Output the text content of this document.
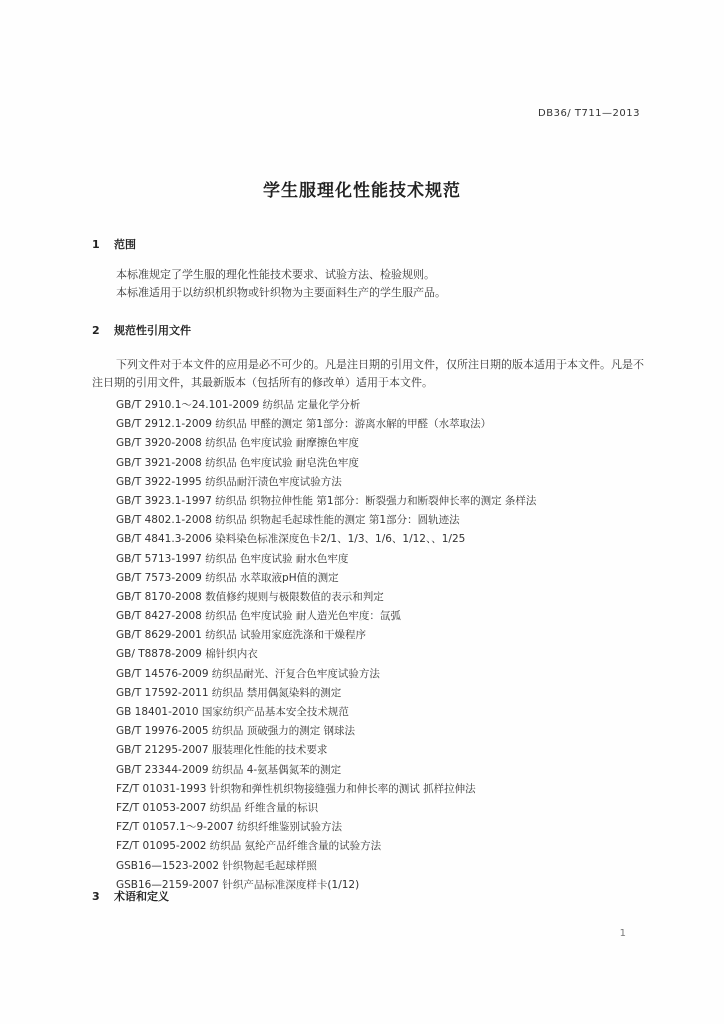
DB36/ T711—2013
学生服理化性能技术规范
1 范围

本标准规定了学生服的理化性能技术要求、试验方法、检验规则。

本标准适用于以纺织机织物或针织物为主要面料生产的学生服产品。

2 规范性引用文件

下列文件对于本文件的应用是必不可少的。凡是注日期的引用文件，仅所注日期的版本适用于本文件。凡是不注日期的引用文件，其最新版本（包括所有的修改单）适用于本文件。

GB/T 2910.1～24.101-2009 纺织品 定量化学分析
GB/T 2912.1-2009 纺织品 甲醛的测定 第1部分：游离水解的甲醛（水萃取法）
GB/T 3920-2008 纺织品 色牢度试验 耐摩擦色牢度
GB/T 3921-2008 纺织品 色牢度试验 耐皂洗色牢度
GB/T 3922-1995 纺织品耐汗渍色牢度试验方法
GB/T 3923.1-1997 纺织品 织物拉伸性能 第1部分：断裂强力和断裂伸长率的测定 条样法
GB/T 4802.1-2008 纺织品 织物起毛起球性能的测定 第1部分：圆轨迹法
GB/T 4841.3-2006 染料染色标准深度色卡2/1、1/3、1/6、1/12、、1/25
GB/T 5713-1997 纺织品 色牢度试验 耐水色牢度
GB/T 7573-2009 纺织品 水萃取液pH值的测定
GB/T 8170-2008 数值修约规则与极限数值的表示和判定
GB/T 8427-2008 纺织品 色牢度试验 耐人造光色牢度：氙弧
GB/T 8629-2001 纺织品 试验用家庭洗涤和干燥程序
GB/ T8878-2009 棉针织内衣
GB/T 14576-2009 纺织品耐光、汗复合色牢度试验方法
GB/T 17592-2011 纺织品 禁用偶氮染料的测定
GB 18401-2010 国家纺织产品基本安全技术规范
GB/T 19976-2005 纺织品 顶破强力的测定 钢球法
GB/T 21295-2007 服装理化性能的技术要求
GB/T 23344-2009 纺织品 4-氨基偶氮苯的测定
FZ/T 01031-1993 针织物和弹性机织物接缝强力和伸长率的测试 抓样拉伸法
FZ/T 01053-2007 纺织品 纤维含量的标识
FZ/T 01057.1～9-2007 纺织纤维鉴别试验方法
FZ/T 01095-2002 纺织品 氨纶产品纤维含量的试验方法
GSB16—1523-2002 针织物起毛起球样照
GSB16—2159-2007 针织产品标准深度样卡(1/12)
3 术语和定义
1
